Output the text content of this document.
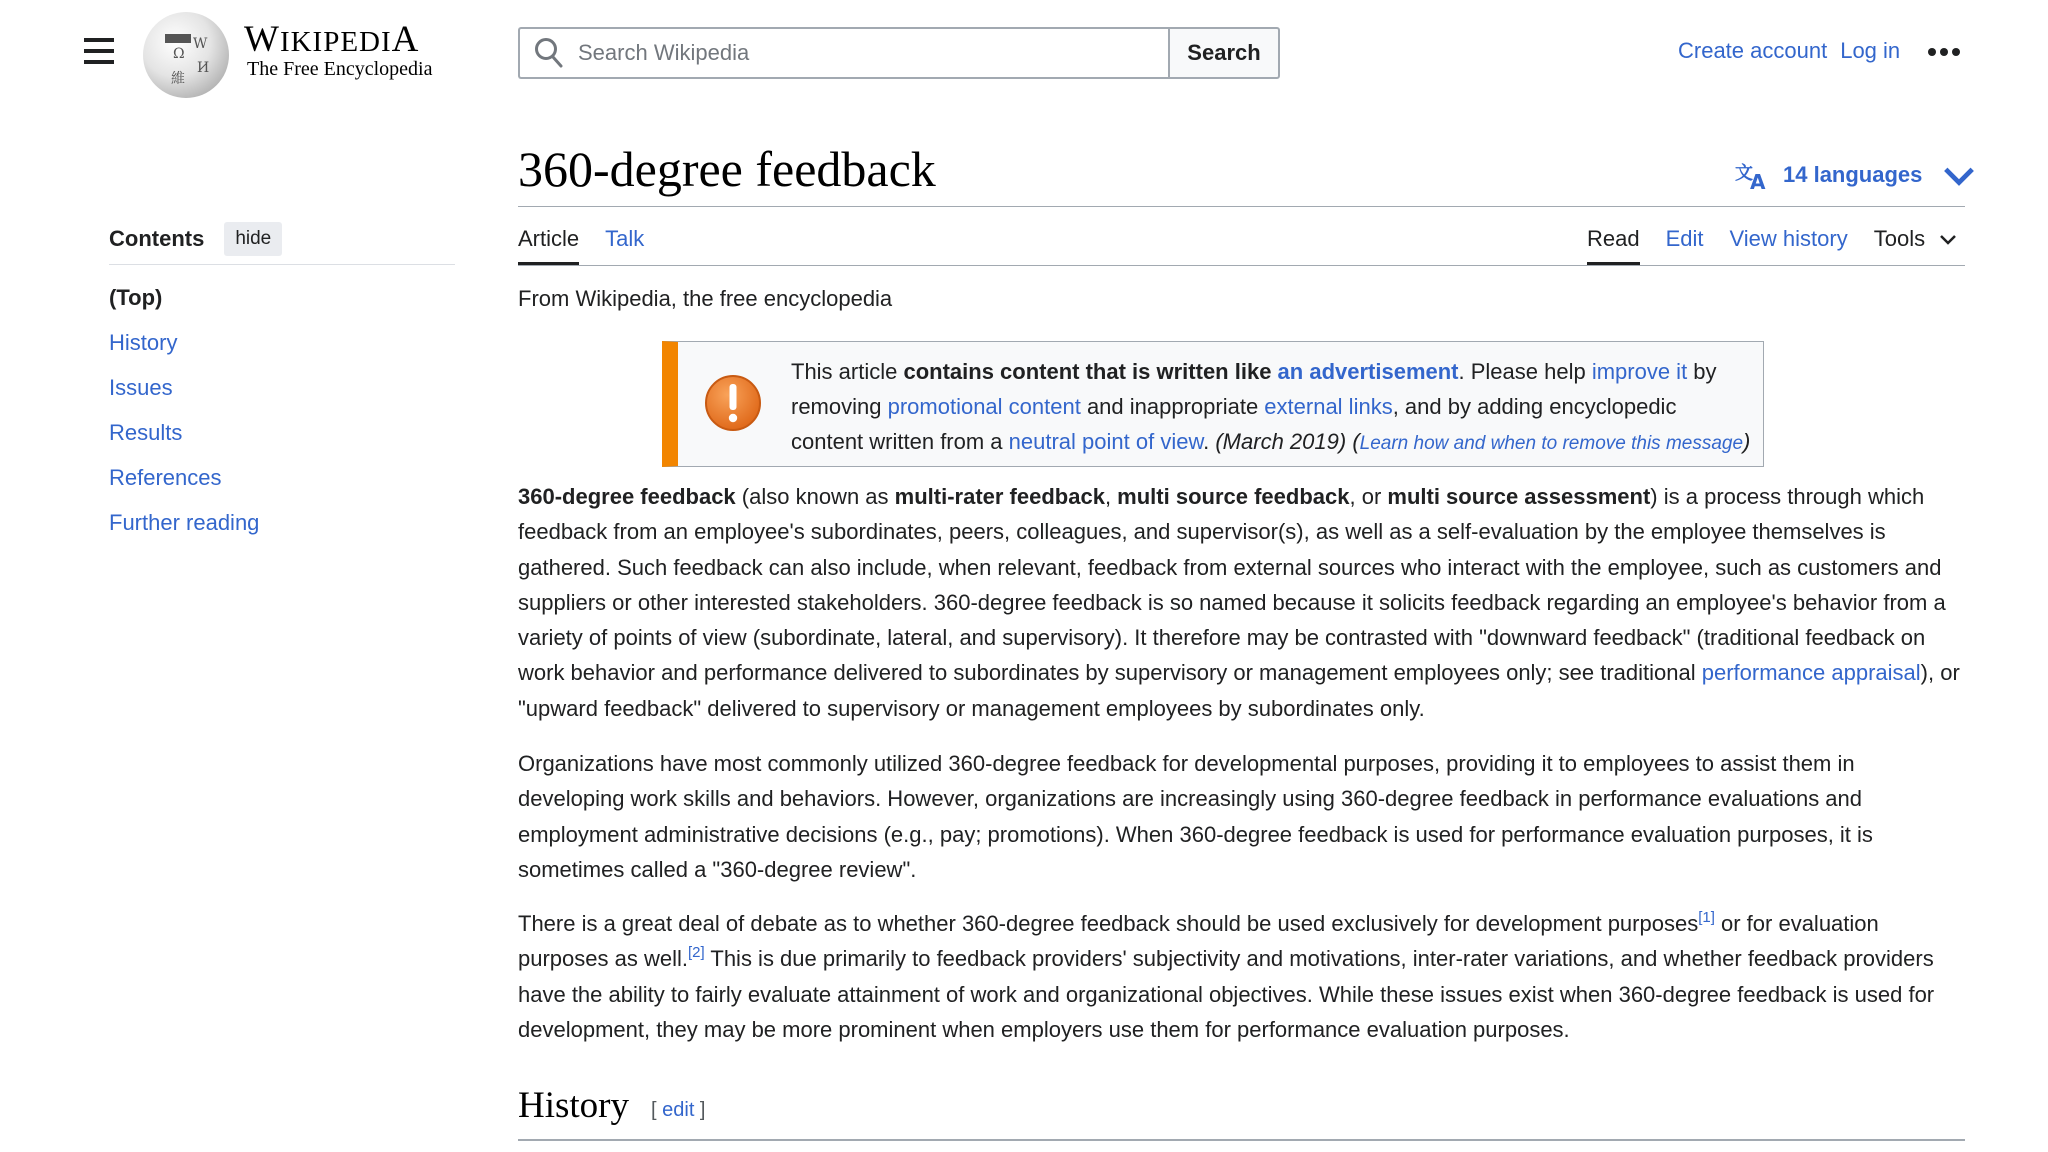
Ω
W
И
維
WIKIPEDIA
The Free Encyclopedia
Search Wikipedia
Search	Create account Log in
Contents	hide
(Top)
History
Issues
Results
References
Further reading
360-degree feedback	文
A 14 languages
Article Talk	Read Edit View history Tools
From Wikipedia, the free encyclopedia
This article contains content that is written like an advertisement. Please help improve it by removing promotional content and inappropriate external links, and by adding encyclopedic content written from a neutral point of view. (March 2019) (Learn how and when to remove this message)

360-degree feedback (also known as multi-rater feedback, multi source feedback, or multi source assessment) is a process through which feedback from an employee's subordinates, peers, colleagues, and supervisor(s), as well as a self-evaluation by the employee themselves is gathered. Such feedback can also include, when relevant, feedback from external sources who interact with the employee, such as customers and suppliers or other interested stakeholders. 360-degree feedback is so named because it solicits feedback regarding an employee's behavior from a variety of points of view (subordinate, lateral, and supervisory). It therefore may be contrasted with "downward feedback" (traditional feedback on work behavior and performance delivered to subordinates by supervisory or management employees only; see traditional performance appraisal), or "upward feedback" delivered to supervisory or management employees by subordinates only.

Organizations have most commonly utilized 360-degree feedback for developmental purposes, providing it to employees to assist them in developing work skills and behaviors. However, organizations are increasingly using 360-degree feedback in performance evaluations and employment administrative decisions (e.g., pay; promotions). When 360-degree feedback is used for performance evaluation purposes, it is sometimes called a "360-degree review".

There is a great deal of debate as to whether 360-degree feedback should be used exclusively for development purposes[1] or for evaluation purposes as well.[2] This is due primarily to feedback providers' subjectivity and motivations, inter-rater variations, and whether feedback providers have the ability to fairly evaluate attainment of work and organizational objectives. While these issues exist when 360-degree feedback is used for development, they may be more prominent when employers use them for performance evaluation purposes.

History [ edit ]
